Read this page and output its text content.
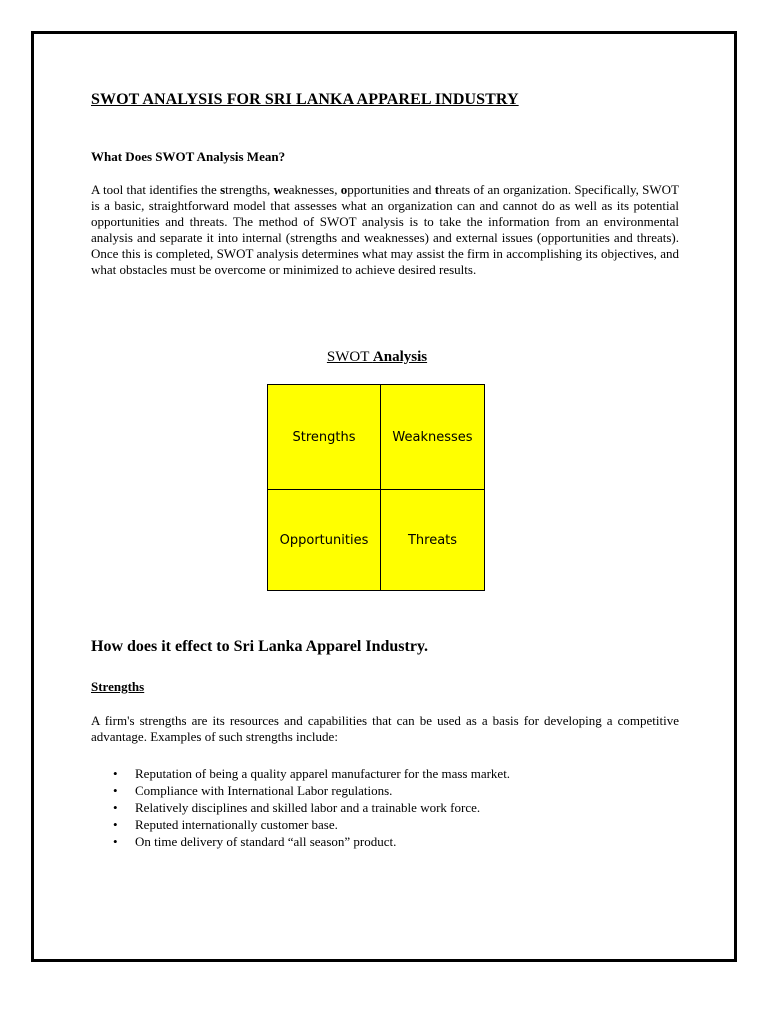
SWOT ANALYSIS FOR SRI LANKA APPAREL INDUSTRY
What Does SWOT Analysis Mean?
A tool that identifies the strengths, weaknesses, opportunities and threats of an organization. Specifically, SWOT is a basic, straightforward model that assesses what an organization can and cannot do as well as its potential opportunities and threats. The method of SWOT analysis is to take the information from an environmental analysis and separate it into internal (strengths and weaknesses) and external issues (opportunities and threats). Once this is completed, SWOT analysis determines what may assist the firm in accomplishing its objectives, and what obstacles must be overcome or minimized to achieve desired results.
SWOT Analysis
Strengths	Weaknesses
Opportunities	Threats
How does it effect to Sri Lanka Apparel Industry.
Strengths
A firm's strengths are its resources and capabilities that can be used as a basis for developing a competitive advantage. Examples of such strengths include:
• Reputation of being a quality apparel manufacturer for the mass market.
• Compliance with International Labor regulations.
• Relatively disciplines and skilled labor and a trainable work force.
• Reputed internationally customer base.
• On time delivery of standard “all season” product.
